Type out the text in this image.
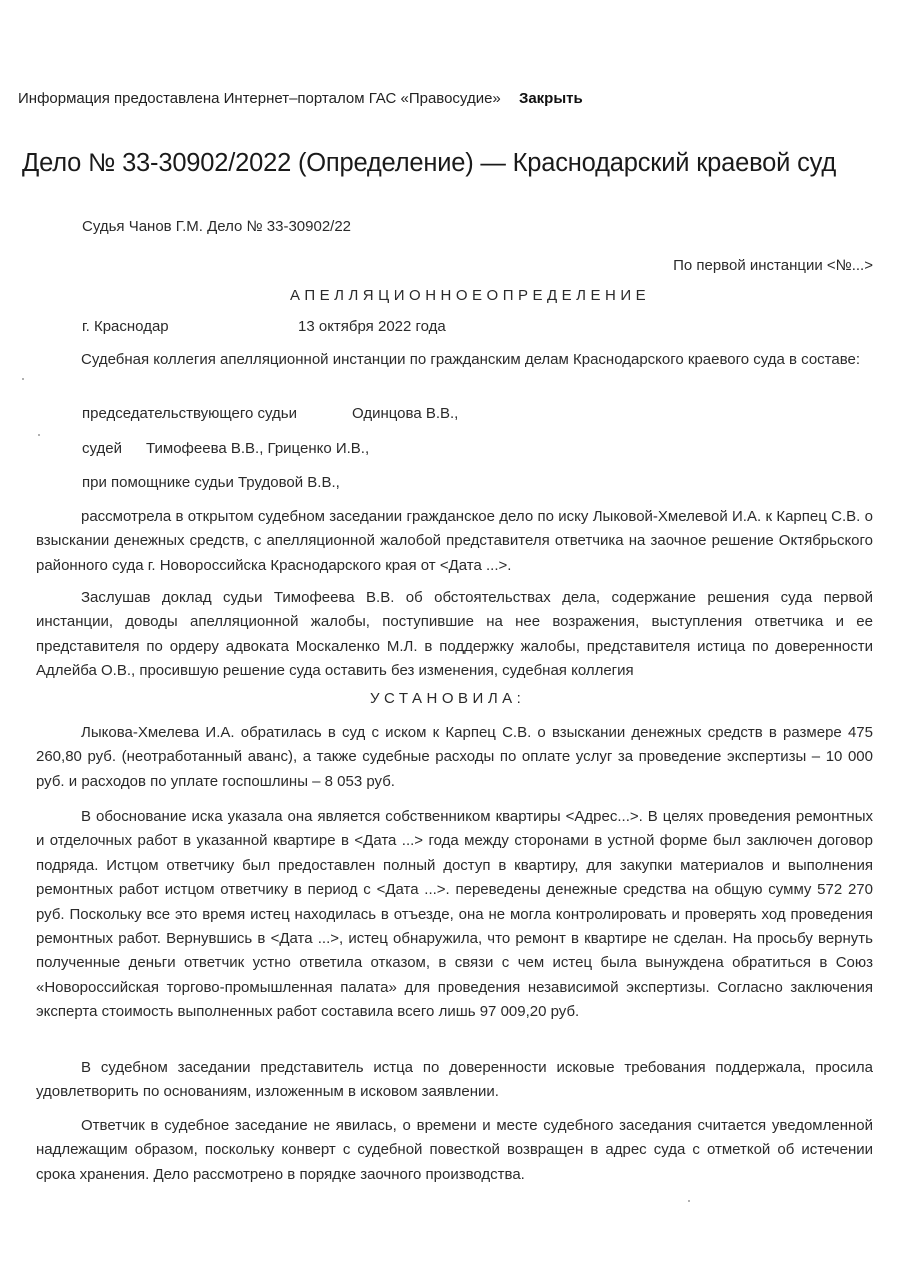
Информация предоставлена Интернет–порталом ГАС «Правосудие» Закрыть
Дело № 33-30902/2022 (Определение) — Краснодарский краевой суд
Судья Чанов Г.М. Дело № 33-30902/22
По первой инстанции <№...>
АПЕЛЛЯЦИОННОЕОПРЕДЕЛЕНИЕ
г. Краснодар	13 октября 2022 года
Судебная коллегия апелляционной инстанции по гражданским делам Краснодарского краевого суда в составе:
председательствующего судьи	Одинцова В.В.,
судей Тимофеева В.В., Гриценко И.В.,
при помощнике судьи Трудовой В.В.,
рассмотрела в открытом судебном заседании гражданское дело по иску Лыковой-Хмелевой И.А. к Карпец С.В. о взыскании денежных средств, с апелляционной жалобой представителя ответчика на заочное решение Октябрьского районного суда г. Новороссийска Краснодарского края от <Дата ...>.
Заслушав доклад судьи Тимофеева В.В. об обстоятельствах дела, содержание решения суда первой инстанции, доводы апелляционной жалобы, поступившие на нее возражения, выступления ответчика и ее представителя по ордеру адвоката Москаленко М.Л. в поддержку жалобы, представителя истица по доверенности Адлейба О.В., просившую решение суда оставить без изменения, судебная коллегия
УСТАНОВИЛА:
Лыкова-Хмелева И.А. обратилась в суд с иском к Карпец С.В. о взыскании денежных средств в размере 475 260,80 руб. (неотработанный аванс), а также судебные расходы по оплате услуг за проведение экспертизы – 10 000 руб. и расходов по уплате госпошлины – 8 053 руб.
В обоснование иска указала она является собственником квартиры <Адрес...>. В целях проведения ремонтных и отделочных работ в указанной квартире в <Дата ...> года между сторонами в устной форме был заключен договор подряда. Истцом ответчику был предоставлен полный доступ в квартиру, для закупки материалов и выполнения ремонтных работ истцом ответчику в период с <Дата ...>. переведены денежные средства на общую сумму 572 270 руб. Поскольку все это время истец находилась в отъезде, она не могла контролировать и проверять ход проведения ремонтных работ. Вернувшись в <Дата ...>, истец обнаружила, что ремонт в квартире не сделан. На просьбу вернуть полученные деньги ответчик устно ответила отказом, в связи с чем истец была вынуждена обратиться в Союз «Новороссийская торгово-промышленная палата» для проведения независимой экспертизы. Согласно заключения эксперта стоимость выполненных работ составила всего лишь 97 009,20 руб.
В судебном заседании представитель истца по доверенности исковые требования поддержала, просила удовлетворить по основаниям, изложенным в исковом заявлении.
Ответчик в судебное заседание не явилась, о времени и месте судебного заседания считается уведомленной надлежащим образом, поскольку конверт с судебной повесткой возвращен в адрес суда с отметкой об истечении срока хранения. Дело рассмотрено в порядке заочного производства.
